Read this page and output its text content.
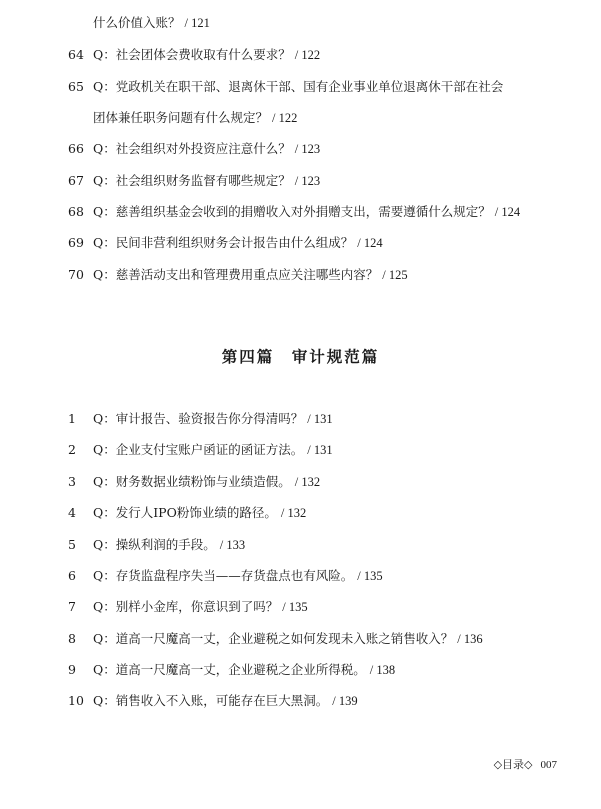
什么价值入账？ / 121
64 Q：社会团体会费收取有什么要求？ / 122
65 Q：党政机关在职干部、退离休干部、国有企业事业单位退离休干部在社会
团体兼任职务问题有什么规定？ / 122
66 Q：社会组织对外投资应注意什么？ / 123
67 Q：社会组织财务监督有哪些规定？ / 123
68 Q：慈善组织基金会收到的捐赠收入对外捐赠支出，需要遵循什么规定？ / 124
69 Q：民间非营利组织财务会计报告由什么组成？ / 124
70 Q：慈善活动支出和管理费用重点应关注哪些内容？ / 125
第四篇　审计规范篇
1	Q：审计报告、验资报告你分得清吗？ / 131
2	Q：企业支付宝账户函证的函证方法。 / 131
3	Q：财务数据业绩粉饰与业绩造假。 / 132
4	Q：发行人IPO粉饰业绩的路径。 / 132
5	Q：操纵利润的手段。 / 133
6	Q：存货监盘程序失当——存货盘点也有风险。 / 135
7	Q：别样小金库，你意识到了吗？ / 135
8	Q：道高一尺魔高一丈，企业避税之如何发现未入账之销售收入？ / 136
9	Q：道高一尺魔高一丈，企业避税之企业所得税。 / 138
10 Q：销售收入不入账，可能存在巨大黑洞。 / 139
◇目录◇ 007
